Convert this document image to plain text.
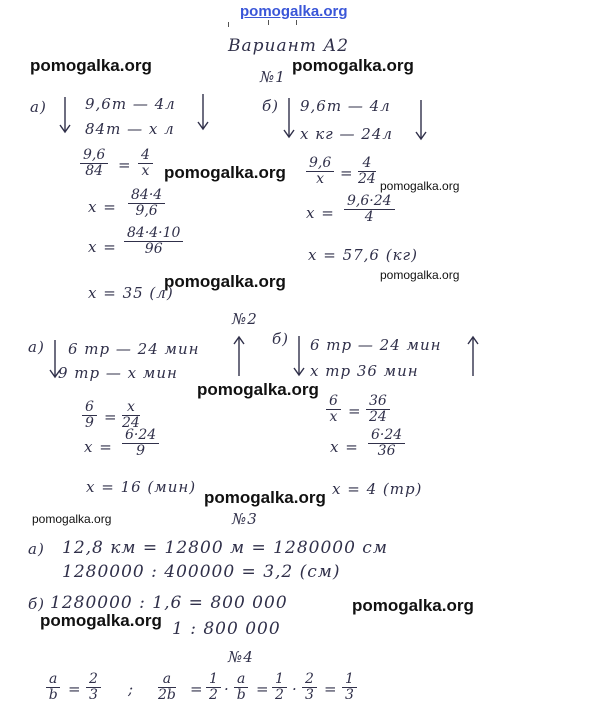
pomogalka.org
pomogalka.org	pomogalka.org
pomogalka.org
pomogalka.org
pomogalka.org	pomogalka.org
pomogalka.org
pomogalka.org
pomogalka.org
pomogalka.org
pomogalka.org
Вариант А2
№1
а)	9,6т — 4л
84т — x л
$\frac{9,6}{84} = \frac{4}{x}$
$x = \frac{84\cdot 4}{9,6}$
$x = \frac{84\cdot 4\cdot 10}{96}$
x = 35 (л)
б) 9,6т — 4л
x кг — 24л
$\frac{9,6}{x} = \frac{4}{24}$
$x = \frac{9,6\cdot 24}{4}$
x = 57,6 (кг)
№2
а) 6 тр — 24 мин
9 тр — x мин
$\frac{6}{9} = \frac{x}{24}$
$x = \frac{6\cdot 24}{9}$
x = 16 (мин)
б) 6 тр — 24 мин
x тр 36 мин
$\frac{6}{x} = \frac{36}{24}$
$x = \frac{6\cdot 24}{36}$
x = 4 (тр)
№3
а) 12,8 км = 12800 м = 1280000 см
1280000 : 400000 = 3,2 (см)
б) 1280000 : 1,6 = 800 000
1 : 800 000
№4
$\frac{a}{b} = \frac{2}{3}$ ; $\frac{a}{2b} = \frac{1}{2} \cdot \frac{a}{b} = \frac{1}{2} \cdot \frac{2}{3} = \frac{1}{3}$
